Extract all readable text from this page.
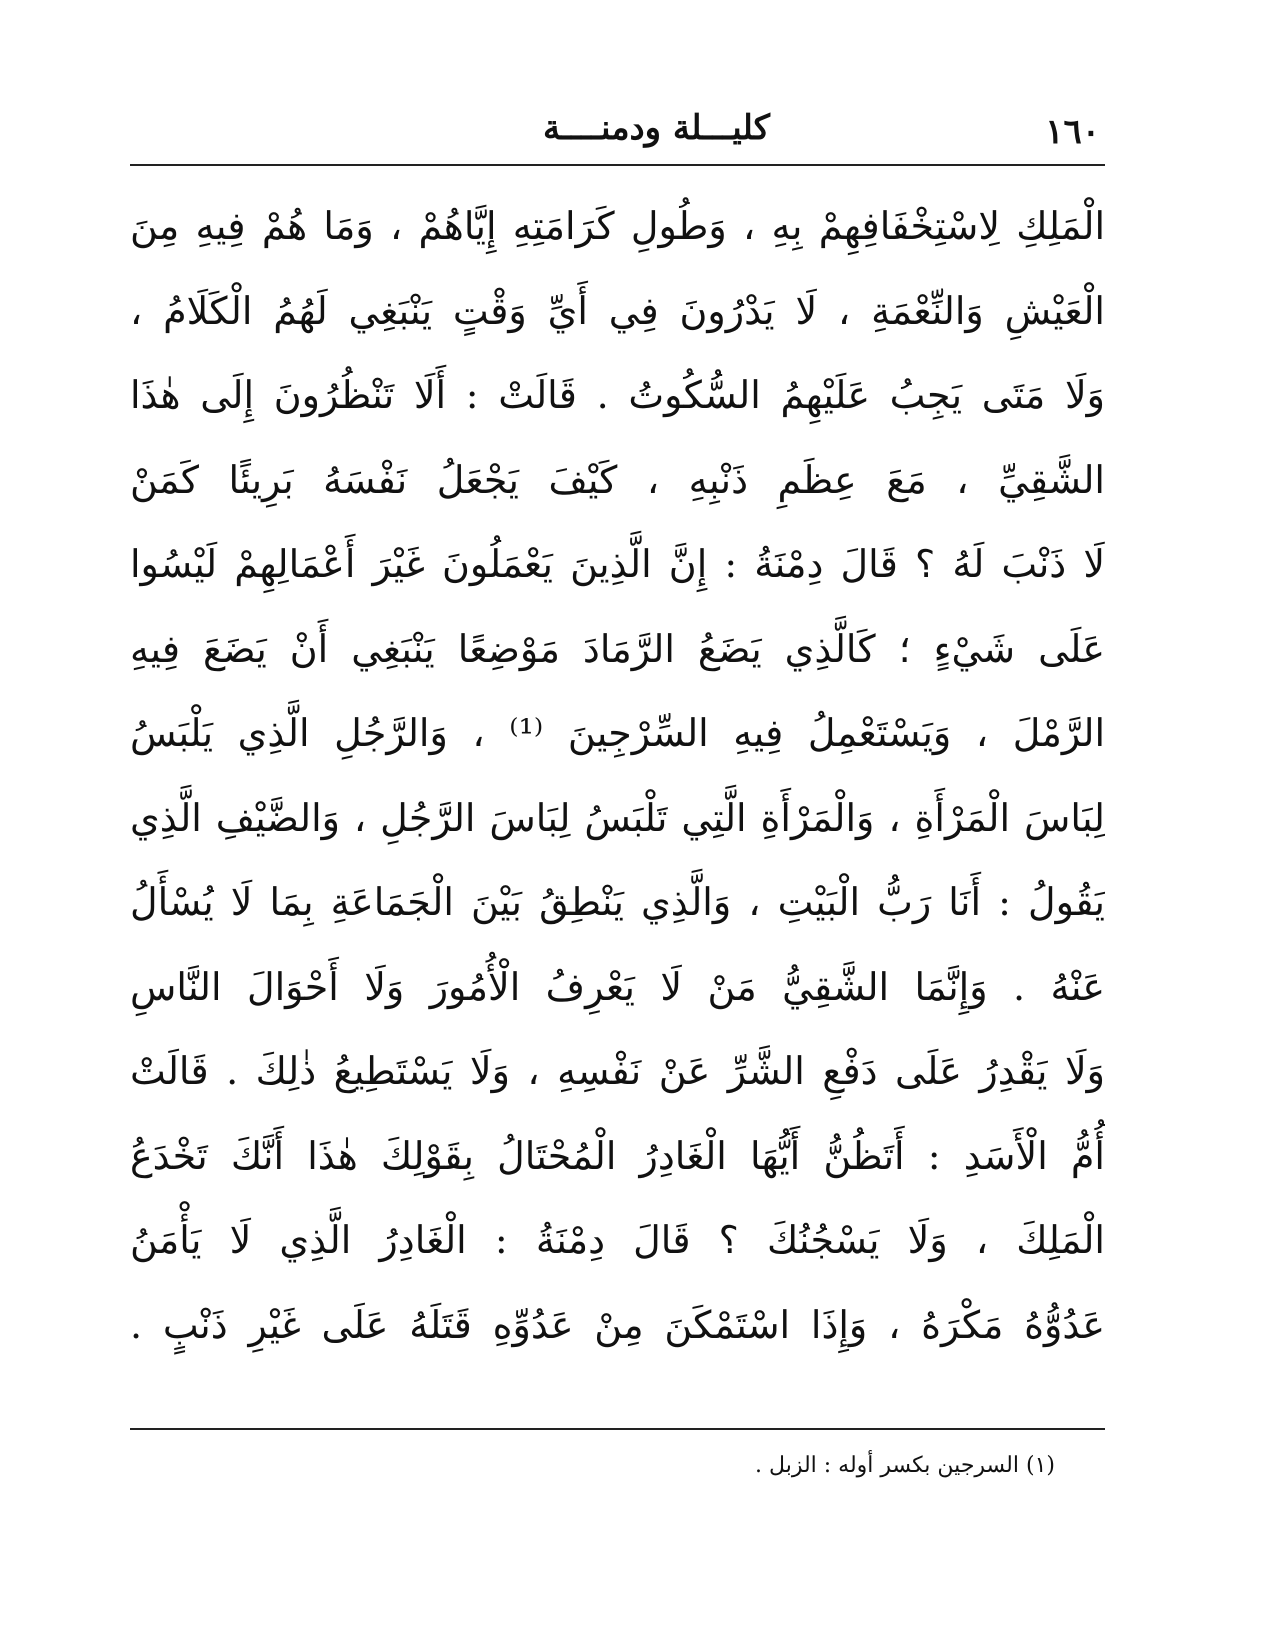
١٦٠
كليـــلة ودمنــــة
الْمَلِكِ لِاسْتِخْفَافِهِمْ بِهِ ، وَطُولِ كَرَامَتِهِ إِيَّاهُمْ ، وَمَا هُمْ فِيهِ مِنَ
الْعَيْشِ وَالنِّعْمَةِ ، لَا يَدْرُونَ فِي أَيِّ وَقْتٍ يَنْبَغِي لَهُمُ الْكَلَامُ ،
وَلَا مَتَى يَجِبُ عَلَيْهِمُ السُّكُوتُ . قَالَتْ : أَلَا تَنْظُرُونَ إِلَى هٰذَا
الشَّقِيِّ ، مَعَ عِظَمِ ذَنْبِهِ ، كَيْفَ يَجْعَلُ نَفْسَهُ بَرِيئًا كَمَنْ
لَا ذَنْبَ لَهُ ؟ قَالَ دِمْنَةُ : إِنَّ الَّذِينَ يَعْمَلُونَ غَيْرَ أَعْمَالِهِمْ لَيْسُوا
عَلَى شَيْءٍ ؛ كَالَّذِي يَضَعُ الرَّمَادَ مَوْضِعًا يَنْبَغِي أَنْ يَضَعَ فِيهِ
الرَّمْلَ ، وَيَسْتَعْمِلُ فِيهِ السِّرْجِينَ ⁽¹⁾ ، وَالرَّجُلِ الَّذِي يَلْبَسُ
لِبَاسَ الْمَرْأَةِ ، وَالْمَرْأَةِ الَّتِي تَلْبَسُ لِبَاسَ الرَّجُلِ ، وَالضَّيْفِ الَّذِي
يَقُولُ : أَنَا رَبُّ الْبَيْتِ ، وَالَّذِي يَنْطِقُ بَيْنَ الْجَمَاعَةِ بِمَا لَا يُسْأَلُ
عَنْهُ . وَإِنَّمَا الشَّقِيُّ مَنْ لَا يَعْرِفُ الْأُمُورَ وَلَا أَحْوَالَ النَّاسِ
وَلَا يَقْدِرُ عَلَى دَفْعِ الشَّرِّ عَنْ نَفْسِهِ ، وَلَا يَسْتَطِيعُ ذٰلِكَ . قَالَتْ
أُمُّ الْأَسَدِ : أَتَظُنُّ أَيُّهَا الْغَادِرُ الْمُحْتَالُ بِقَوْلِكَ هٰذَا أَنَّكَ تَخْدَعُ
الْمَلِكَ ، وَلَا يَسْجُنُكَ ؟ قَالَ دِمْنَةُ : الْغَادِرُ الَّذِي لَا يَأْمَنُ
عَدُوُّهُ مَكْرَهُ ، وَإِذَا اسْتَمْكَنَ مِنْ عَدُوِّهِ قَتَلَهُ عَلَى غَيْرِ ذَنْبٍ .
(١) السرجين بكسر أوله : الزبل .
